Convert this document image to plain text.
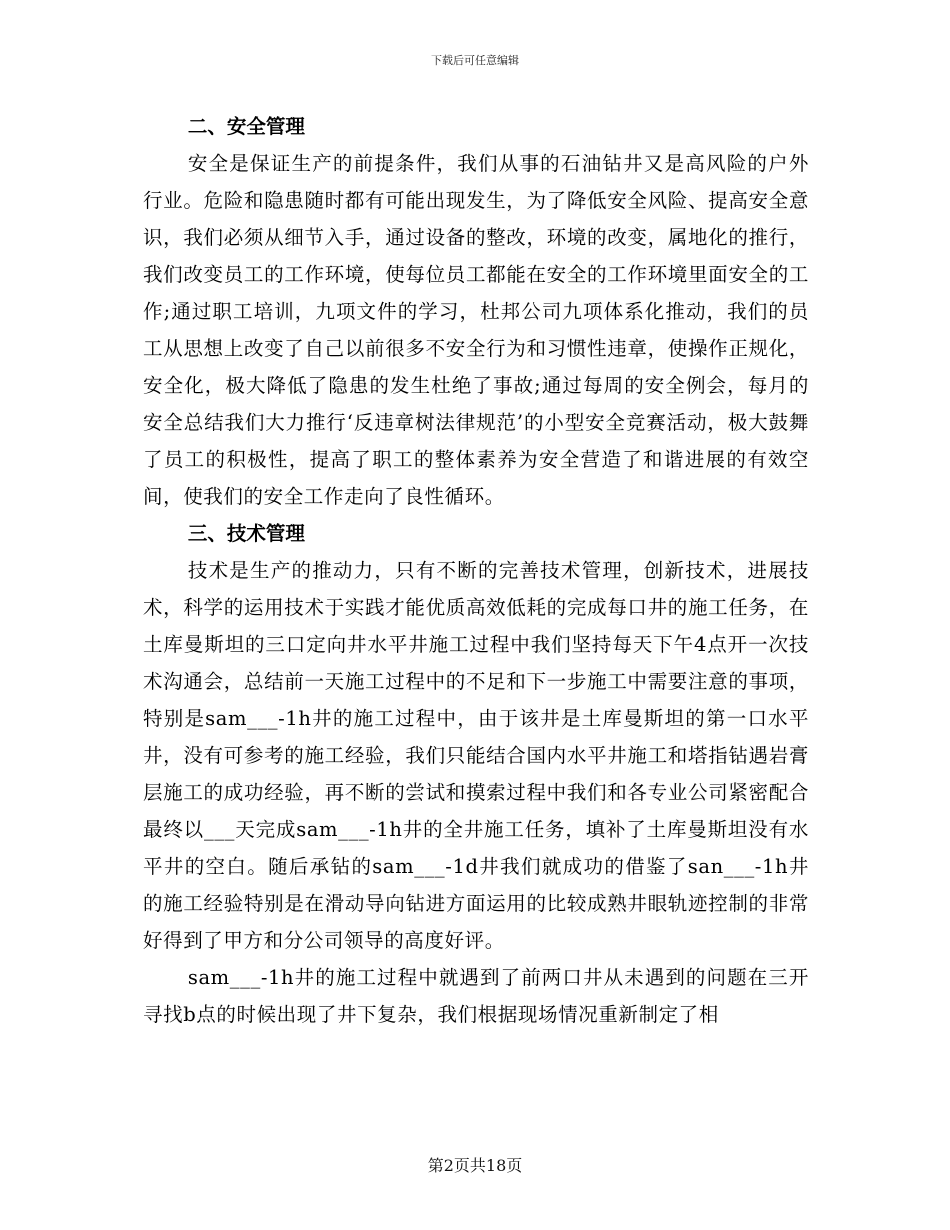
下载后可任意编辑
二、安全管理

安全是保证生产的前提条件，我们从事的石油钻井又是高风险的户外行业。危险和隐患随时都有可能出现发生，为了降低安全风险、提高安全意识，我们必须从细节入手，通过设备的整改，环境的改变，属地化的推行，我们改变员工的工作环境，使每位员工都能在安全的工作环境里面安全的工作;通过职工培训，九项文件的学习，杜邦公司九项体系化推动，我们的员工从思想上改变了自己以前很多不安全行为和习惯性违章，使操作正规化，安全化，极大降低了隐患的发生杜绝了事故;通过每周的安全例会，每月的安全总结我们大力推行‘反违章树法律规范’的小型安全竞赛活动，极大鼓舞了员工的积极性，提高了职工的整体素养为安全营造了和谐进展的有效空间，使我们的安全工作走向了良性循环。

三、技术管理

技术是生产的推动力，只有不断的完善技术管理，创新技术，进展技术，科学的运用技术于实践才能优质高效低耗的完成每口井的施工任务，在土库曼斯坦的三口定向井水平井施工过程中我们坚持每天下午4点开一次技术沟通会，总结前一天施工过程中的不足和下一步施工中需要注意的事项，特别是sam___-1h井的施工过程中，由于该井是土库曼斯坦的第一口水平井，没有可参考的施工经验，我们只能结合国内水平井施工和塔指钻遇岩膏层施工的成功经验，再不断的尝试和摸索过程中我们和各专业公司紧密配合最终以___天完成sam___-1h井的全井施工任务，填补了土库曼斯坦没有水平井的空白。随后承钻的sam___-1d井我们就成功的借鉴了san___-1h井的施工经验特别是在滑动导向钻进方面运用的比较成熟井眼轨迹控制的非常好得到了甲方和分公司领导的高度好评。

sam___-1h井的施工过程中就遇到了前两口井从未遇到的问题在三开寻找b点的时候出现了井下复杂，我们根据现场情况重新制定了相

第2页共18页
